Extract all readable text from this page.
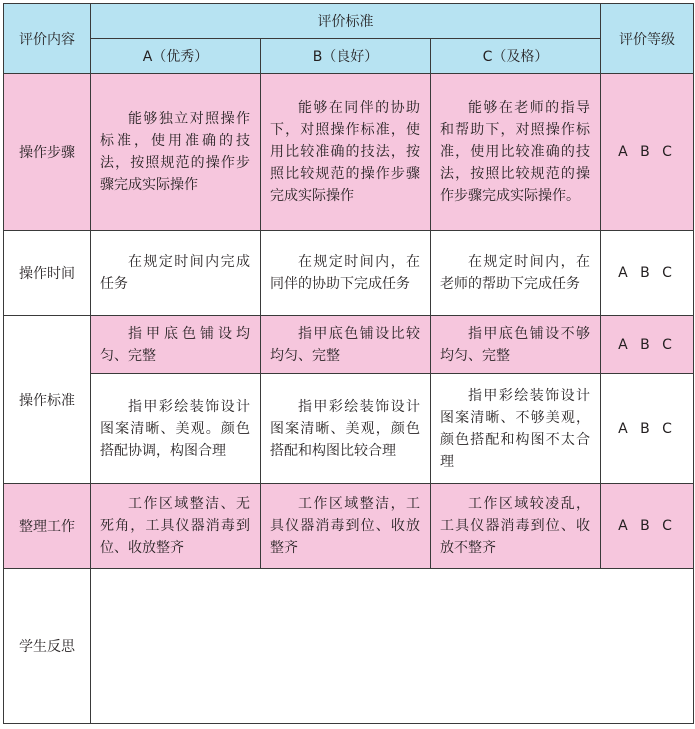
评价内容	评价标准			评价等级
	A（优秀）	B（良好）	C（及格）	
操作步骤	能够独立对照操作标准，使用准确的技法，按照规范的操作步骤完成实际操作	能够在同伴的协助下，对照操作标准，使用比较准确的技法，按照比较规范的操作步骤完成实际操作	能够在老师的指导和帮助下，对照操作标准，使用比较准确的技法，按照比较规范的操作步骤完成实际操作。	A B C
操作时间	在规定时间内完成任务	在规定时间内，在同伴的协助下完成任务	在规定时间内，在老师的帮助下完成任务	A B C
操作标准	指甲底色铺设均匀、完整	指甲底色铺设比较均匀、完整	指甲底色铺设不够均匀、完整	A B C
	指甲彩绘装饰设计图案清晰、美观。颜色搭配协调，构图合理	指甲彩绘装饰设计图案清晰、美观，颜色搭配和构图比较合理	指甲彩绘装饰设计图案清晰、不够美观，颜色搭配和构图不太合理	A B C
整理工作	工作区域整洁、无死角，工具仪器消毒到位、收放整齐	工作区域整洁，工具仪器消毒到位、收放整齐	工作区域较凌乱，工具仪器消毒到位、收放不整齐	A B C
学生反思				
